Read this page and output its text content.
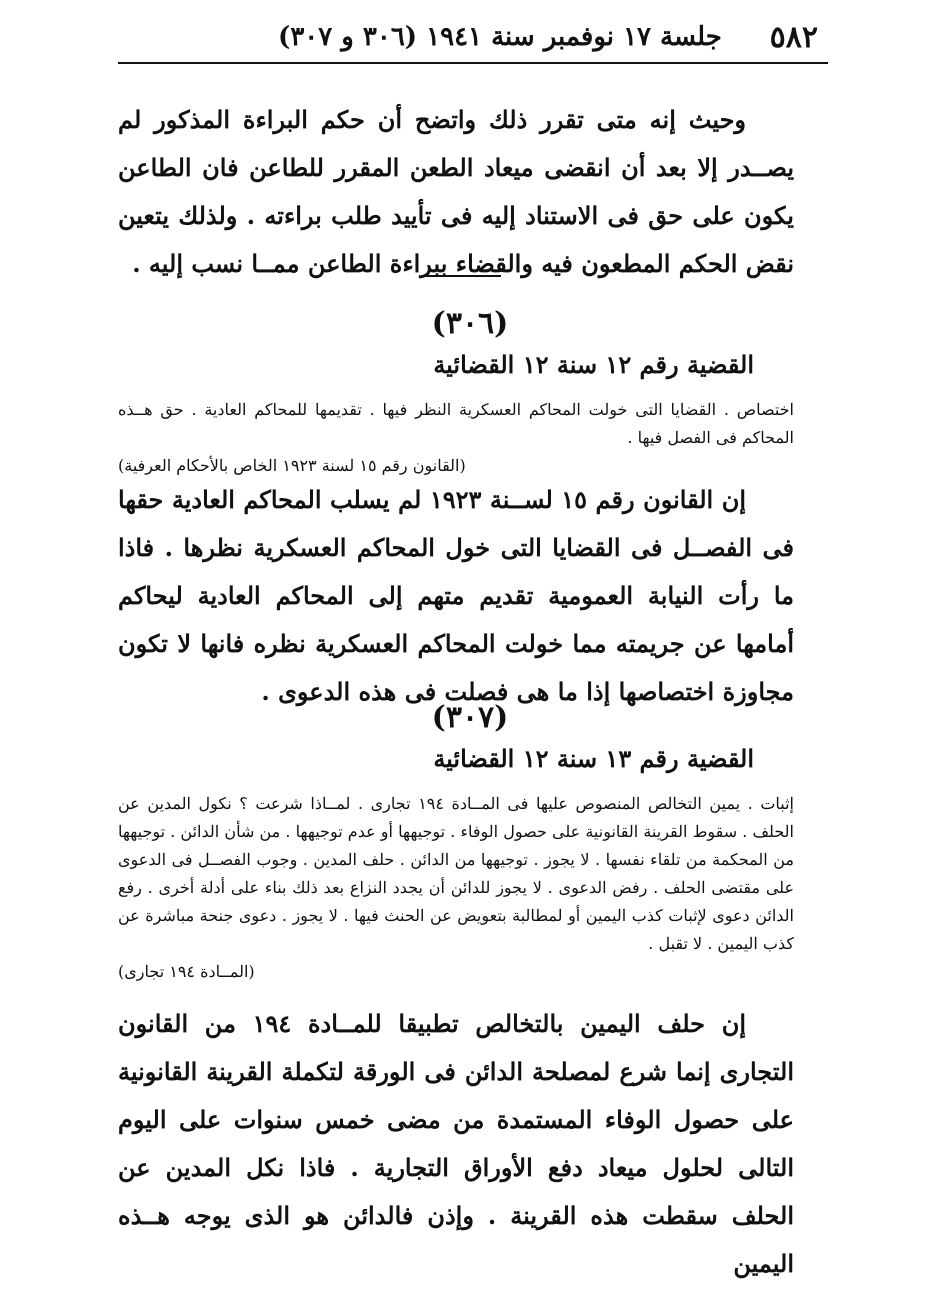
٥٨٢
جلسة ١٧ نوفمبر سنة ١٩٤١ (٣٠٦ و ٣٠٧)

وحيث إنه متى تقرر ذلك واتضح أن حكم البراءة المذكور لم يصــدر إلا بعد أن انقضى ميعاد الطعن المقرر للطاعن فان الطاعن يكون على حق فى الاستناد إليه فى تأييد طلب براءته . ولذلك يتعين نقض الحكم المطعون فيه والقضاء ببراءة الطاعن ممــا نسب إليه .

(٣٠٦)
القضية رقم ١٢ سنة ١٢ القضائية

اختصاص . القضايا التى خولت المحاكم العسكرية النظر فيها . تقديمها للمحاكم العادية . حق هــذه المحاكم فى الفصل فيها .

(القانون رقم ١٥ لسنة ١٩٢٣ الخاص بالأحكام العرفية)

إن القانون رقم ١٥ لســنة ١٩٢٣ لم يسلب المحاكم العادية حقها فى الفصــل فى القضايا التى خول المحاكم العسكرية نظرها . فاذا ما رأت النيابة العمومية تقديم متهم إلى المحاكم العادية ليحاكم أمامها عن جريمته مما خولت المحاكم العسكرية نظره فانها لا تكون مجاوزة اختصاصها إذا ما هى فصلت فى هذه الدعوى .

(٣٠٧)
القضية رقم ١٣ سنة ١٢ القضائية

إثبات . يمين التخالص المنصوص عليها فى المــادة ١٩٤ تجارى . لمــاذا شرعت ؟ نكول المدين عن الحلف . سقوط القرينة القانونية على حصول الوفاء . توجيهها أو عدم توجيهها . من شأن الدائن . توجيهها من المحكمة من تلقاء نفسها . لا يجوز . توجيهها من الدائن . حلف المدين . وجوب الفصــل فى الدعوى على مقتضى الحلف . رفض الدعوى . لا يجوز للدائن أن يجدد النزاع بعد ذلك بناء على أدلة أخرى . رفع الدائن دعوى لإثبات كذب اليمين أو لمطالبة بتعويض عن الحنث فيها . لا يجوز . دعوى جنحة مباشرة عن كذب اليمين . لا تقبل .

(المــادة ١٩٤ تجارى)

إن حلف اليمين بالتخالص تطبيقا للمــادة ١٩٤ من القانون التجارى إنما شرع لمصلحة الدائن فى الورقة لتكملة القرينة القانونية على حصول الوفاء المستمدة من مضى خمس سنوات على اليوم التالى لحلول ميعاد دفع الأوراق التجارية . فاذا نكل المدين عن الحلف سقطت هذه القرينة . وإذن فالدائن هو الذى يوجه هــذه اليمين
